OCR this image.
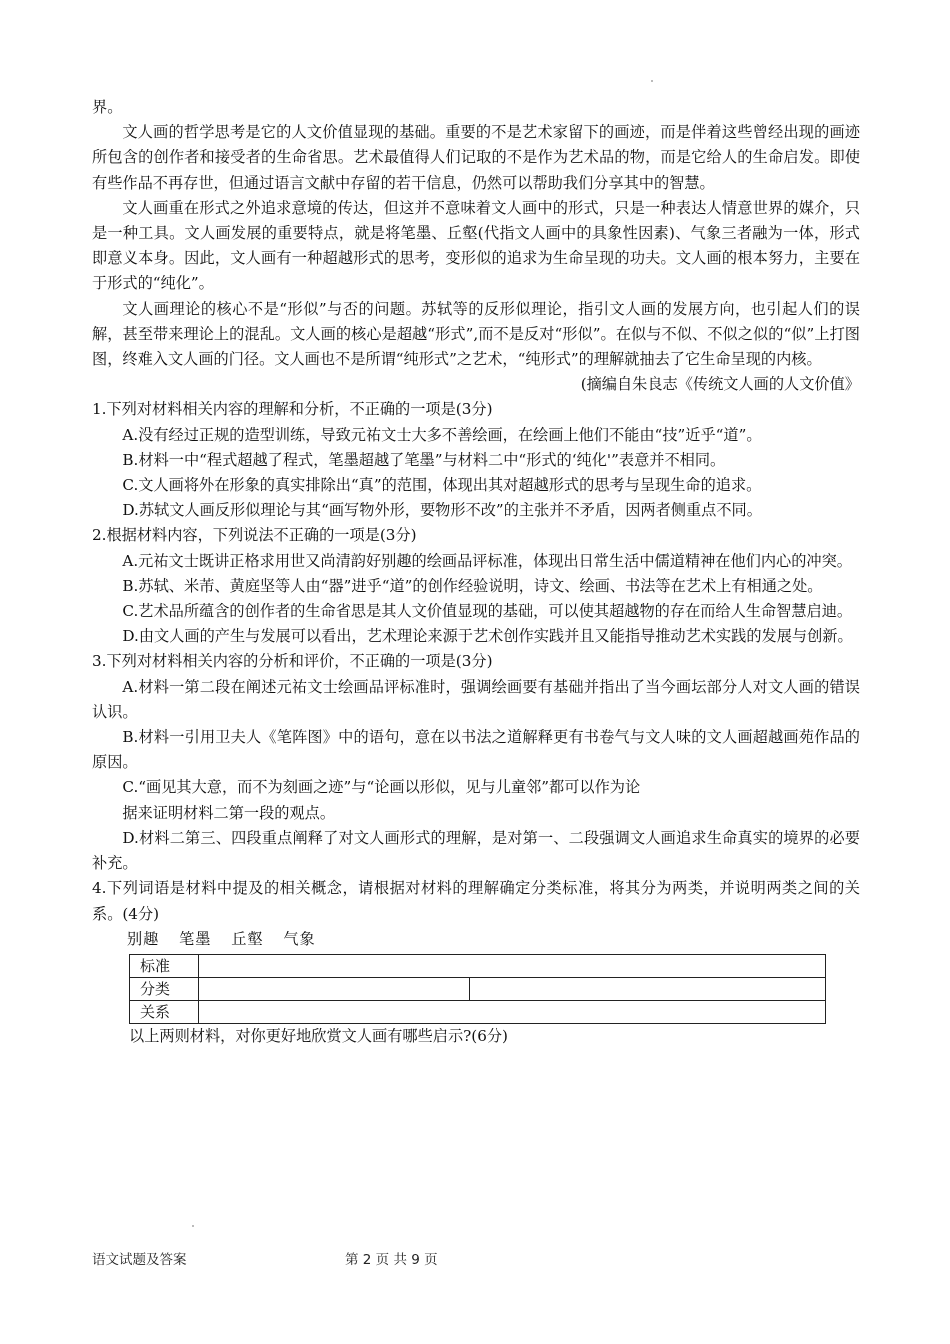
界。

文人画的哲学思考是它的人文价值显现的基础。重要的不是艺术家留下的画迹，而是伴着这些曾经出现的画迹所包含的创作者和接受者的生命省思。艺术最值得人们记取的不是作为艺术品的物，而是它给人的生命启发。即使有些作品不再存世，但通过语言文献中存留的若干信息，仍然可以帮助我们分享其中的智慧。

文人画重在形式之外追求意境的传达，但这并不意味着文人画中的形式，只是一种表达人情意世界的媒介，只是一种工具。文人画发展的重要特点，就是将笔墨、丘壑(代指文人画中的具象性因素)、气象三者融为一体，形式即意义本身。因此，文人画有一种超越形式的思考，变形似的追求为生命呈现的功夫。文人画的根本努力，主要在于形式的“纯化”。

文人画理论的核心不是“形似”与否的问题。苏轼等的反形似理论，指引文人画的发展方向，也引起人们的误解，甚至带来理论上的混乱。文人画的核心是超越“形式”,而不是反对“形似”。在似与不似、不似之似的“似”上打图图，终难入文人画的门径。文人画也不是所谓“纯形式”之艺术，“纯形式”的理解就抽去了它生命呈现的内核。

(摘编自朱良志《传统文人画的人文价值》

1.下列对材料相关内容的理解和分析，不正确的一项是(3分)

A.没有经过正规的造型训练，导致元祐文士大多不善绘画，在绘画上他们不能由“技”近乎“道”。

B.材料一中“程式超越了程式，笔墨超越了笔墨”与材料二中“形式的‘纯化'”表意并不相同。

C.文人画将外在形象的真实排除出“真”的范围，体现出其对超越形式的思考与呈现生命的追求。

D.苏轼文人画反形似理论与其“画写物外形，要物形不改”的主张并不矛盾，因两者侧重点不同。

2.根据材料内容，下列说法不正确的一项是(3分)

A.元祐文士既讲正格求用世又尚清韵好别趣的绘画品评标准，体现出日常生活中儒道精神在他们内心的冲突。

B.苏轼、米芾、黄庭坚等人由“器”进乎“道”的创作经验说明，诗文、绘画、书法等在艺术上有相通之处。

C.艺术品所蕴含的创作者的生命省思是其人文价值显现的基础，可以使其超越物的存在而给人生命智慧启迪。

D.由文人画的产生与发展可以看出，艺术理论来源于艺术创作实践并且又能指导推动艺术实践的发展与创新。

3.下列对材料相关内容的分析和评价，不正确的一项是(3分)

A.材料一第二段在阐述元祐文士绘画品评标准时，强调绘画要有基础并指出了当今画坛部分人对文人画的错误认识。

B.材料一引用卫夫人《笔阵图》中的语句，意在以书法之道解释更有书卷气与文人味的文人画超越画苑作品的原因。

C.“画见其大意，而不为刻画之迹”与“论画以形似，见与儿童邻”都可以作为论

据来证明材料二第一段的观点。

D.材料二第三、四段重点阐释了对文人画形式的理解，是对第一、二段强调文人画追求生命真实的境界的必要补充。

4.下列词语是材料中提及的相关概念，请根据对材料的理解确定分类标准，将其分为两类，并说明两类之间的关系。(4分)

别趣 笔墨 丘壑 气象

标准		
分类		
关系		

以上两则材料，对你更好地欣赏文人画有哪些启示?(6分)

语文试题及答案	第 2 页 共 9 页
